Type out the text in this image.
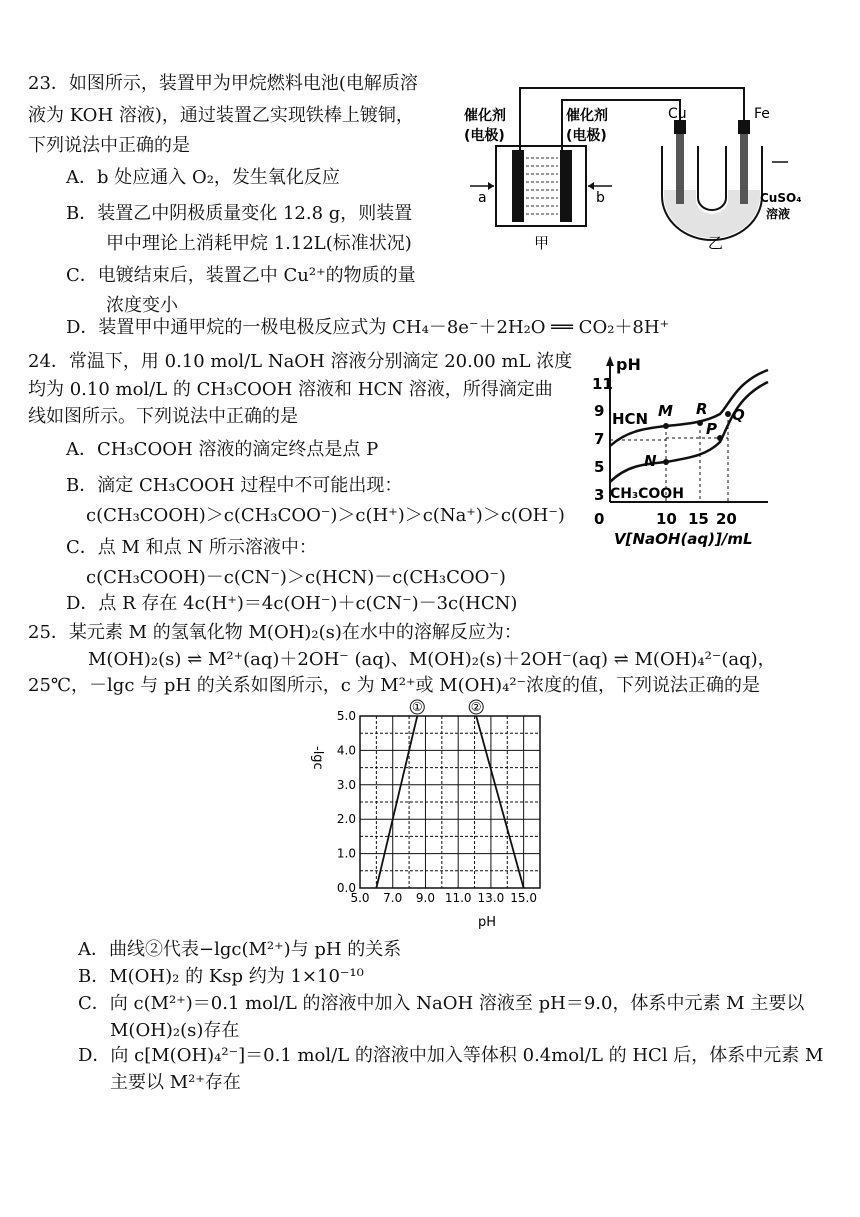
23．如图所示，装置甲为甲烷燃料电池(电解质溶
液为 KOH 溶液)，通过装置乙实现铁棒上镀铜，
下列说法中正确的是
A．b 处应通入 O₂，发生氧化反应
B．装置乙中阴极质量变化 12.8 g，则装置
甲中理论上消耗甲烷 1.12L(标准状况)
C．电镀结束后，装置乙中 Cu²⁺的物质的量
浓度变小
D．装置甲中通甲烷的一极电极反应式为 CH₄－8e⁻＋2H₂O ══ CO₂＋8H⁺
a	b
催化剂
(电极)
催化剂
(电极)
甲
Cu	Fe
CuSO₄
溶液
乙
24．常温下，用 0.10 mol/L NaOH 溶液分别滴定 20.00 mL 浓度
均为 0.10 mol/L 的 CH₃COOH 溶液和 HCN 溶液，所得滴定曲
线如图所示。下列说法中正确的是
A．CH₃COOH 溶液的滴定终点是点 P
B．滴定 CH₃COOH 过程中不可能出现：
c(CH₃COOH)＞c(CH₃COO⁻)＞c(H⁺)＞c(Na⁺)＞c(OH⁻)
C．点 M 和点 N 所示溶液中：
c(CH₃COOH)－c(CN⁻)＞c(HCN)－c(CH₃COO⁻)
D．点 R 存在 4c(H⁺)＝4c(OH⁻)＋c(CN⁻)－3c(HCN)
pH
11
9
7
5
3
0	10 15 20
V[NaOH(aq)]/mL
HCN
CH₃COOH
M R
P
Q
N
25．某元素 M 的氢氧化物 M(OH)₂(s)在水中的溶解反应为：
M(OH)₂(s) ⇌ M²⁺(aq)＋2OH⁻ (aq)、M(OH)₂(s)＋2OH⁻(aq) ⇌ M(OH)₄²⁻(aq)，
25℃，－lgc 与 pH 的关系如图所示，c 为 M²⁺或 M(OH)₄²⁻浓度的值，下列说法正确的是
①	②
5.0 7.0 9.0 11.0 13.0 15.0
0.0
1.0
2.0
3.0
4.0
5.0
-lgc
pH
A．曲线②代表−lgc(M²⁺)与 pH 的关系
B．M(OH)₂ 的 Ksp 约为 1×10⁻¹⁰
C．向 c(M²⁺)＝0.1 mol/L 的溶液中加入 NaOH 溶液至 pH＝9.0，体系中元素 M 主要以
M(OH)₂(s)存在
D．向 c[M(OH)₄²⁻]＝0.1 mol/L 的溶液中加入等体积 0.4mol/L 的 HCl 后，体系中元素 M
主要以 M²⁺存在
